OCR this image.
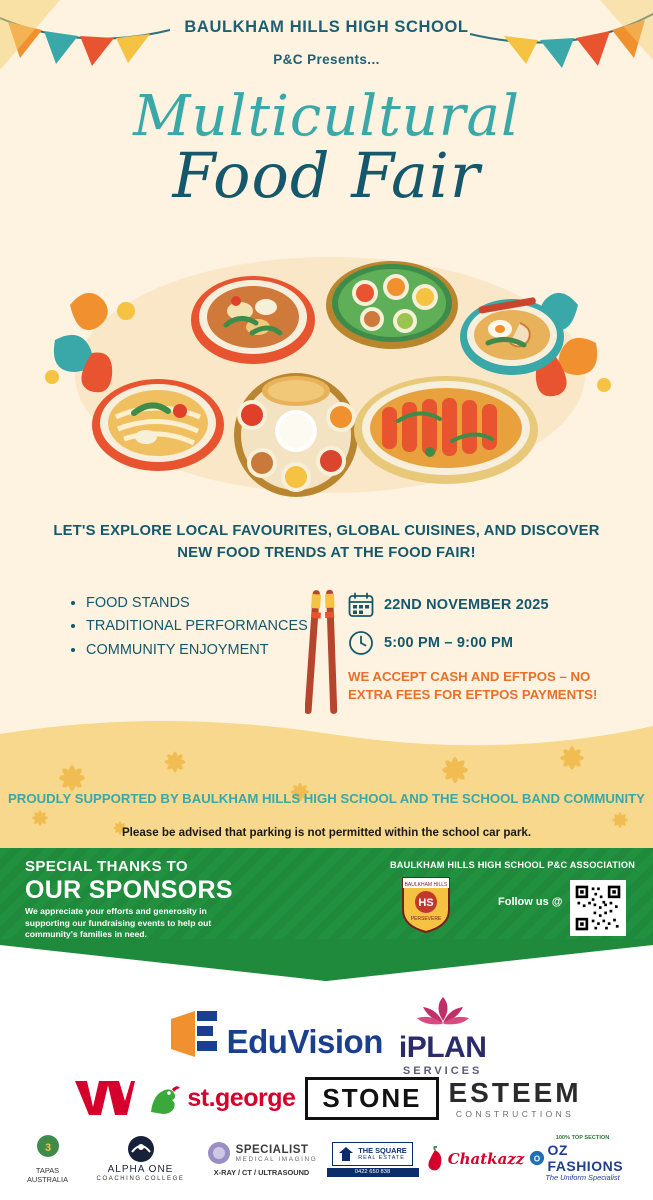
BAULKHAM HILLS HIGH SCHOOL
P&C Presents...
Multicultural
Food Fair
LET'S EXPLORE LOCAL FAVOURITES, GLOBAL CUISINES, AND DISCOVER NEW FOOD TRENDS AT THE FOOD FAIR!
• FOOD STANDS
• TRADITIONAL PERFORMANCES
• COMMUNITY ENJOYMENT
22ND NOVEMBER 2025
5:00 PM – 9:00 PM
WE ACCEPT CASH AND EFTPOS – NO EXTRA FEES FOR EFTPOS PAYMENTS!
PROUDLY SUPPORTED BY BAULKHAM HILLS HIGH SCHOOL AND THE SCHOOL BAND COMMUNITY
Please be advised that parking is not permitted within the school car park.
SPECIAL THANKS TO
OUR SPONSORS
We appreciate your efforts and generosity in supporting our fundraising events to help out community's families in need.
BAULKHAM HILLS HIGH SCHOOL P&C ASSOCIATION
BAULKHAM HILLS
HS
PERSEVERE
Follow us @
EduVision iPLAN
SERVICES
st.george STONE ESTEEM
CONSTRUCTIONS
3
TAPAS
AUSTRALIA
ALPHA ONE
COACHING COLLEGE
SPECIALIST
MEDICAL IMAGING
X-RAY / CT / ULTRASOUND
THE SQUARE
REAL ESTATE
0422 650 838
Chatkazz
100% TOP SECTION
O
OZ FASHIONS
The Uniform Specialist
